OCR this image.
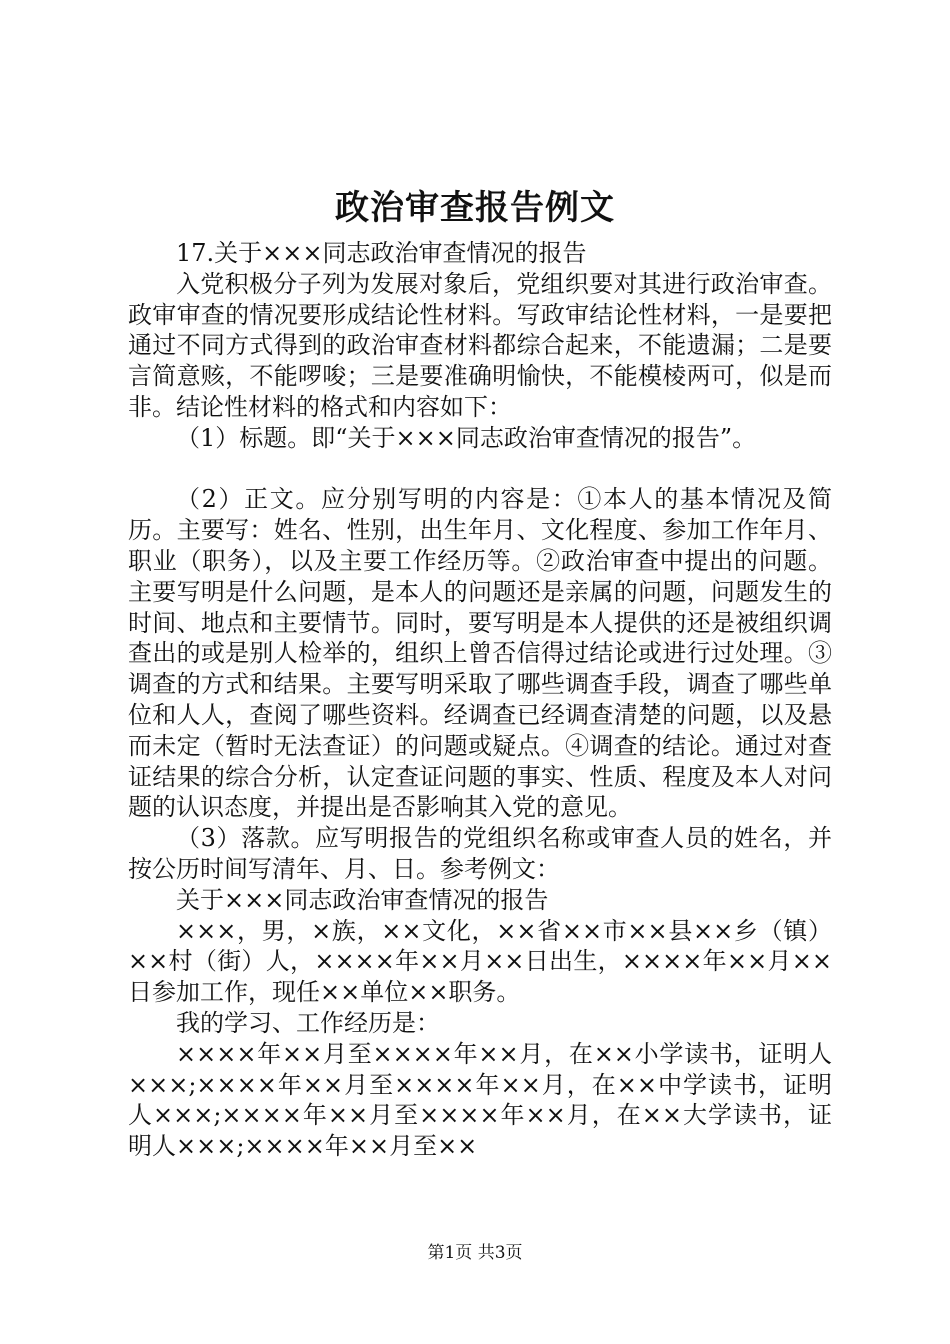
政治审查报告例文

17.关于×××同志政治审查情况的报告

入党积极分子列为发展对象后，党组织要对其进行政治审查。政审审查的情况要形成结论性材料。写政审结论性材料，一是要把通过不同方式得到的政治审查材料都综合起来，不能遗漏；二是要言简意赅，不能啰唆；三是要准确明愉快，不能模棱两可，似是而非。结论性材料的格式和内容如下：

（1）标题。即“关于×××同志政治审查情况的报告”。

（2）正文。应分别写明的内容是：①本人的基本情况及简历。主要写：姓名、性别，出生年月、文化程度、参加工作年月、职业（职务），以及主要工作经历等。②政治审查中提出的问题。主要写明是什么问题，是本人的问题还是亲属的问题，问题发生的时间、地点和主要情节。同时，要写明是本人提供的还是被组织调查出的或是别人检举的，组织上曾否信得过结论或进行过处理。③调查的方式和结果。主要写明采取了哪些调查手段，调查了哪些单位和人人，查阅了哪些资料。经调查已经调查清楚的问题，以及悬而未定（暂时无法查证）的问题或疑点。④调查的结论。通过对查证结果的综合分析，认定查证问题的事实、性质、程度及本人对问题的认识态度，并提出是否影响其入党的意见。

（3）落款。应写明报告的党组织名称或审查人员的姓名，并按公历时间写清年、月、日。参考例文：

关于×××同志政治审查情况的报告

×××，男，×族，××文化，××省××市××县××乡（镇）××村（街）人，××××年××月××日出生，××××年××月××日参加工作，现任××单位××职务。

我的学习、工作经历是：

××××年××月至××××年××月，在××小学读书，证明人×××;××××年××月至××××年××月，在××中学读书，证明人×××;××××年××月至××××年××月，在××大学读书，证明人×××;××××年××月至××

第1页 共3页
